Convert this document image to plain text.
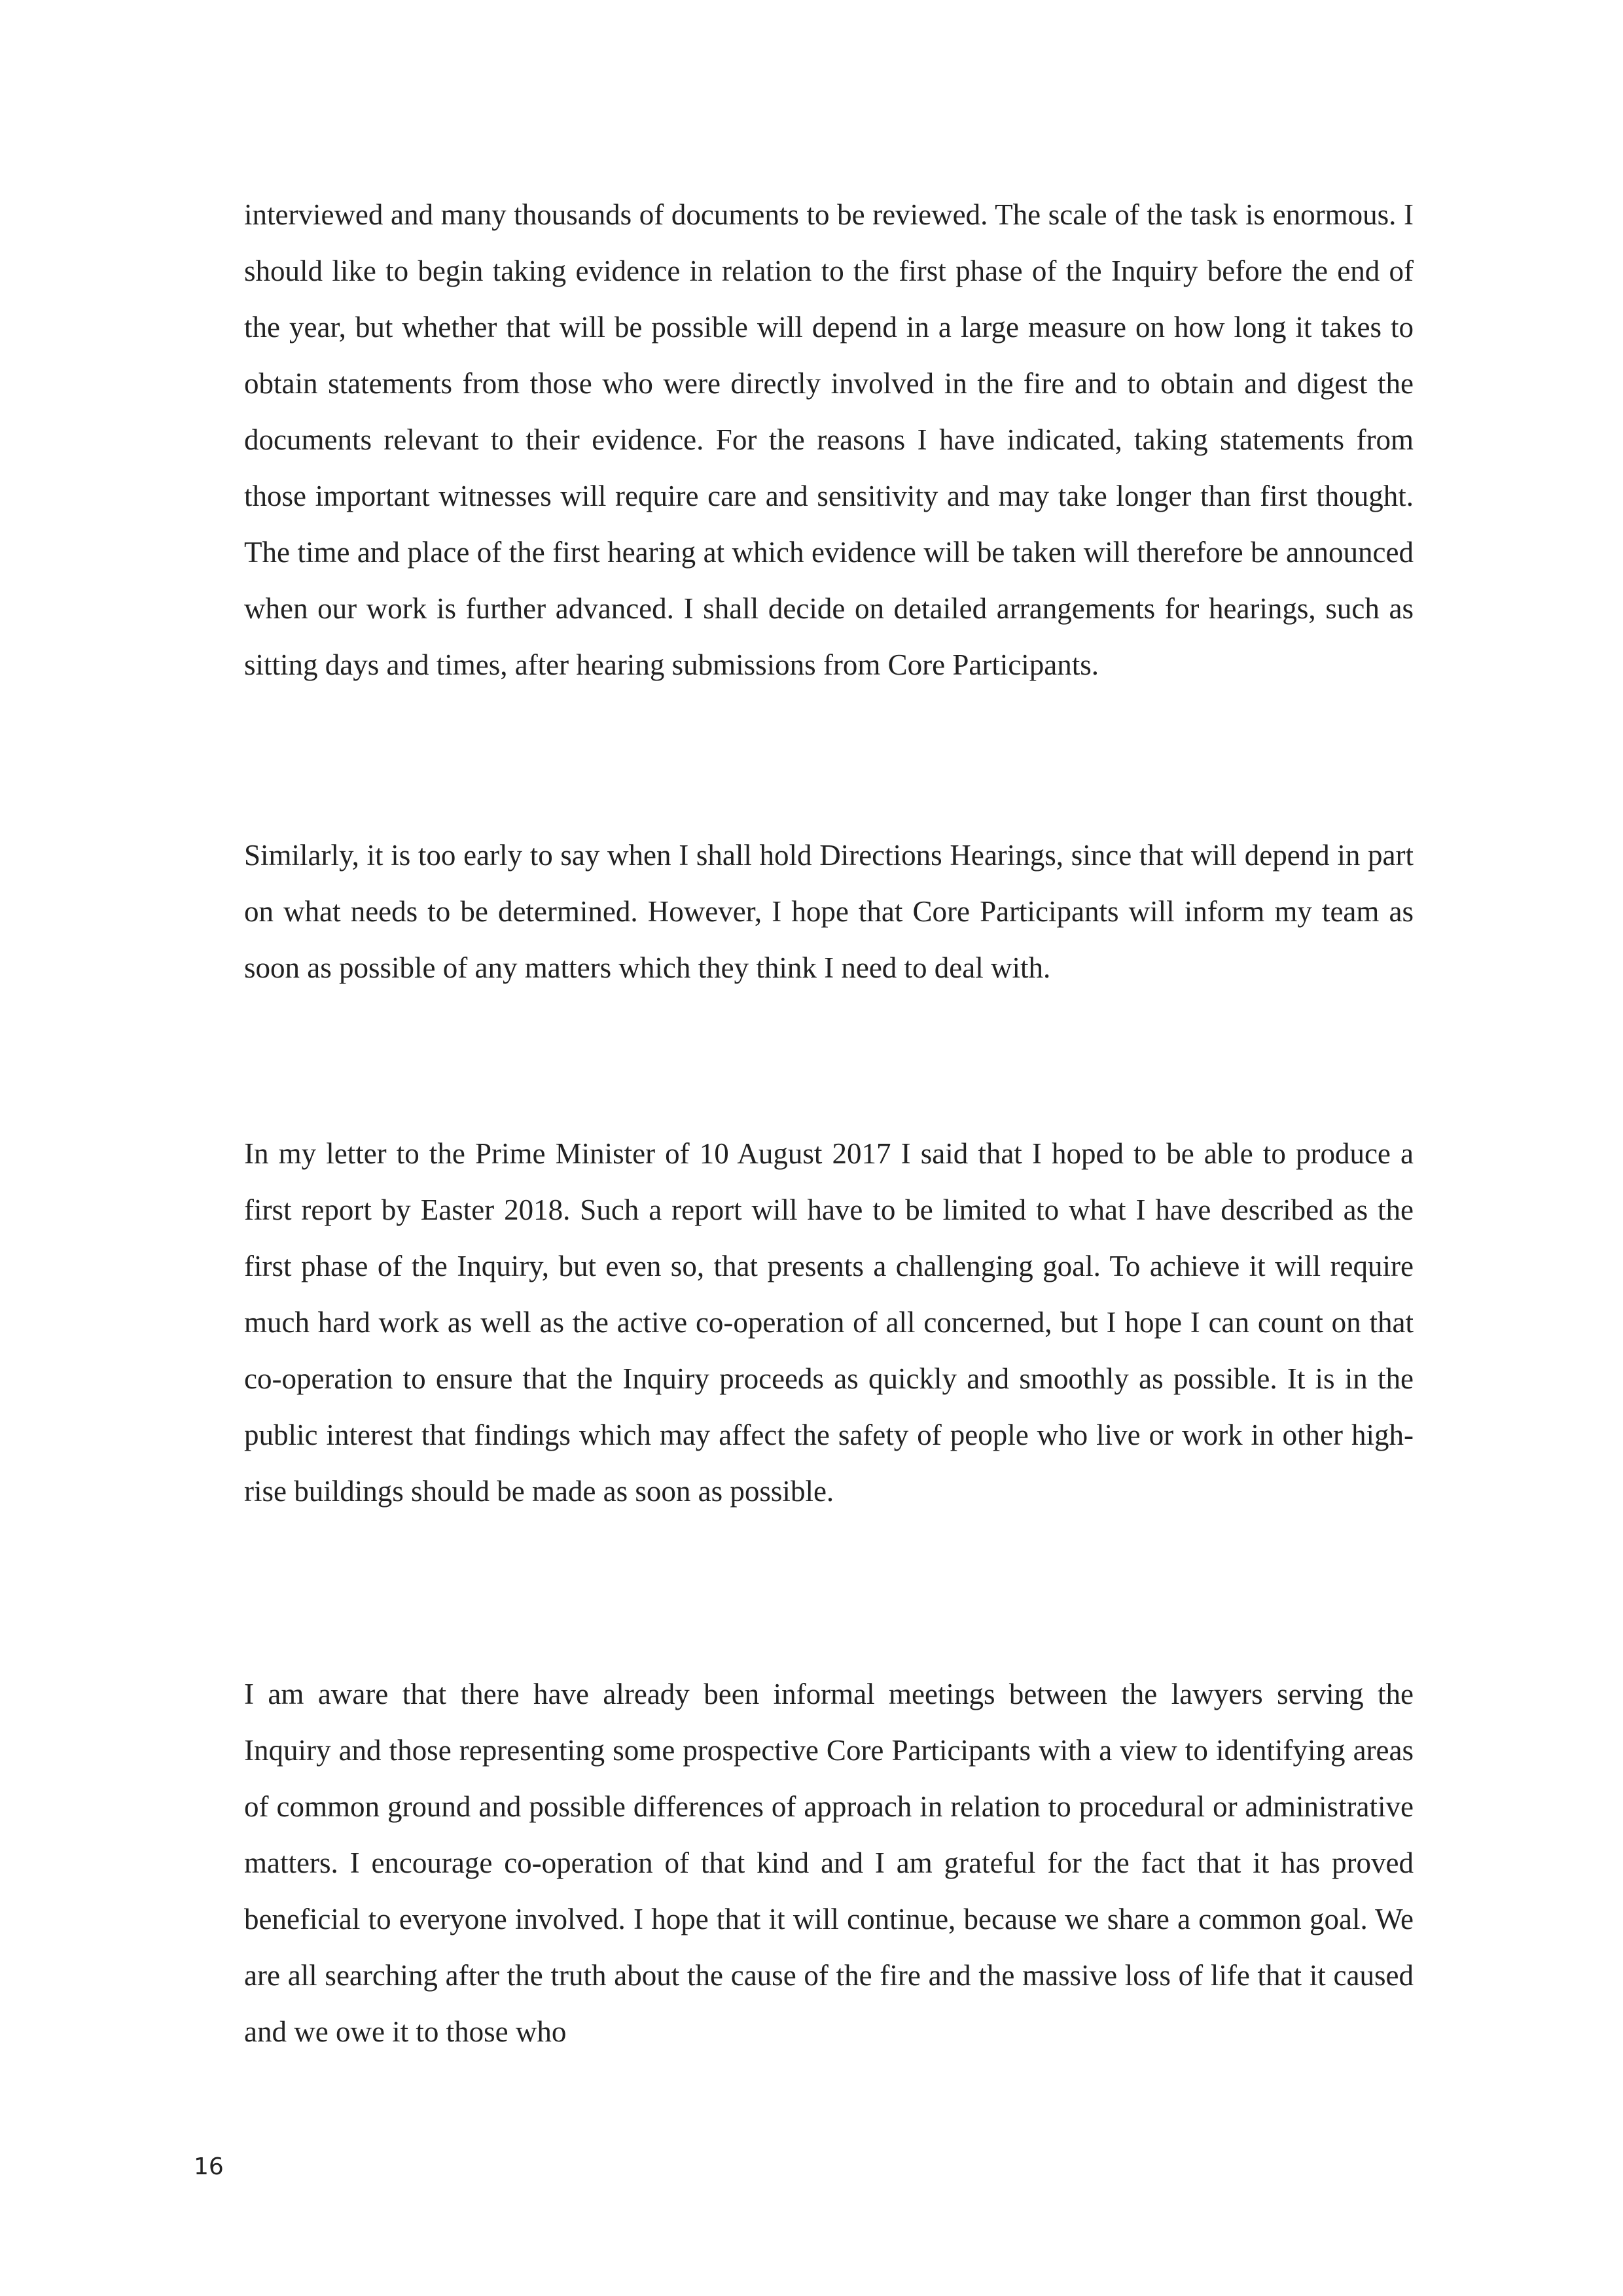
interviewed and many thousands of documents to be reviewed. The scale of the task is enormous. I should like to begin taking evidence in relation to the first phase of the Inquiry before the end of the year, but whether that will be possible will depend in a large measure on how long it takes to obtain statements from those who were directly involved in the fire and to obtain and digest the documents relevant to their evidence. For the reasons I have indicated, taking statements from those important witnesses will require care and sensitivity and may take longer than first thought. The time and place of the first hearing at which evidence will be taken will therefore be announced when our work is further advanced. I shall decide on detailed arrangements for hearings, such as sitting days and times, after hearing submissions from Core Participants.

Similarly, it is too early to say when I shall hold Directions Hearings, since that will depend in part on what needs to be determined. However, I hope that Core Participants will inform my team as soon as possible of any matters which they think I need to deal with.

In my letter to the Prime Minister of 10 August 2017 I said that I hoped to be able to produce a first report by Easter 2018. Such a report will have to be limited to what I have described as the first phase of the Inquiry, but even so, that presents a challenging goal. To achieve it will require much hard work as well as the active co-operation of all concerned, but I hope I can count on that co-operation to ensure that the Inquiry proceeds as quickly and smoothly as possible. It is in the public interest that findings which may affect the safety of people who live or work in other high-rise buildings should be made as soon as possible.

I am aware that there have already been informal meetings between the lawyers serving the Inquiry and those representing some prospective Core Participants with a view to identifying areas of common ground and possible differences of approach in relation to procedural or administrative matters. I encourage co-operation of that kind and I am grateful for the fact that it has proved beneficial to everyone involved. I hope that it will continue, because we share a common goal. We are all searching after the truth about the cause of the fire and the massive loss of life that it caused and we owe it to those who

16
